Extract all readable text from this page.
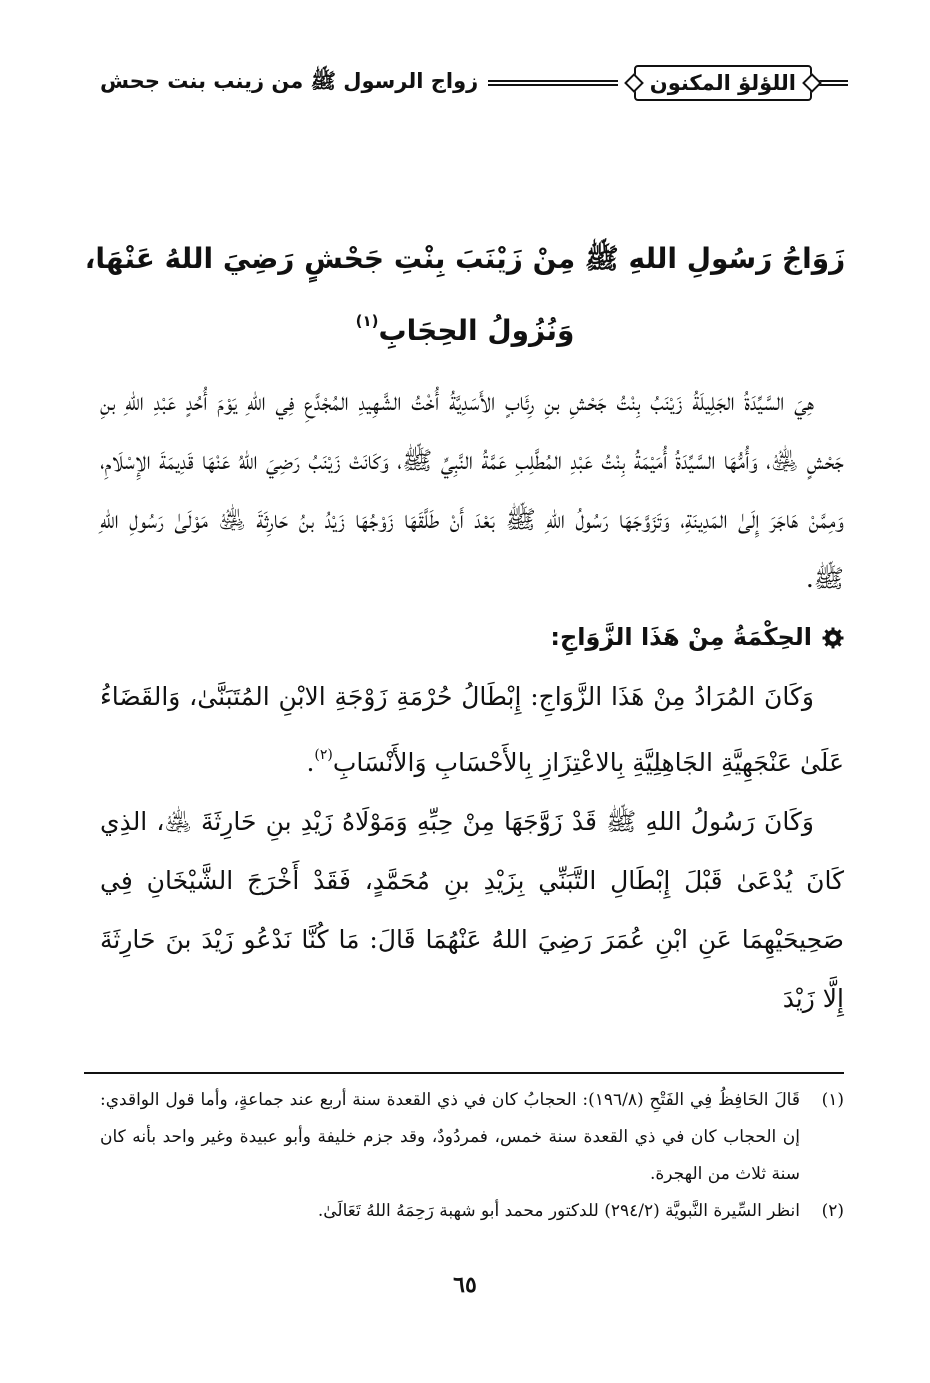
اللؤلؤ المكنون
زواج الرسول ﷺ من زينب بنت جحش
زَوَاجُ رَسُولِ اللهِ ﷺ مِنْ زَيْنَبَ بِنْتِ جَحْشٍ رَضِيَ اللهُ عَنْهَا،
وَنُزُولُ الحِجَابِ$^{(١)}$

هِيَ السَّيِّدَةُ الجَلِيلَةُ زَيْنَبُ بِنْتُ جَحْشِ بنِ رِئَابٍ الأَسَدِيَّةُ أُخْتُ الشَّهِيدِ المُجْدَّعِ فِي اللهِ يَوْمَ أُحُدٍ عَبْدِ اللهِ بنِ جَحْشٍ ﵁، وَأُمُّهَا السَّيِّدَةُ أُمَيْمَةُ بِنْتُ عَبْدِ المُطَّلِبِ عَمَّةُ النَّبِيِّ ﷺ، وَكَانَتْ زَيْنَبُ رَضِيَ اللهُ عَنْهَا قَدِيمَةَ الإِسْلَامِ، وَمِمَّنْ هَاجَرَ إِلَىٰ المَدِينَةِ، وَتَزَوَّجَهَا رَسُولُ اللهِ ﷺ بَعْدَ أَنْ طَلَّقَهَا زَوْجُهَا زَيْدُ بنُ حَارِثَةَ ﵁ مَوْلَىٰ رَسُولِ اللهِ ﷺ.

الحِكْمَةُ مِنْ هَذَا الزَّوَاجِ:

وَكَانَ المُرَادُ مِنْ هَذَا الزَّوَاجِ: إِبْطَالُ حُرْمَةِ زَوْجَةِ الابْنِ المُتَبَنَّىٰ، وَالقَضَاءُ عَلَىٰ عَنْجَهِيَّةِ الجَاهِلِيَّةِ بِالاعْتِزَازِ بِالأَحْسَابِ وَالأَنْسَابِ$^{(٢)}$.

وَكَانَ رَسُولُ اللهِ ﷺ قَدْ زَوَّجَهَا مِنْ حِبِّهِ وَمَوْلَاهُ زَيْدِ بنِ حَارِثَةَ ﵁، الذِي كَانَ يُدْعَىٰ قَبْلَ إِبْطَالِ التَّبَنِّي بِزَيْدِ بنِ مُحَمَّدٍ، فَقَدْ أَخْرَجَ الشَّيْخَانِ فِي صَحِيحَيْهِمَا عَنِ ابْنِ عُمَرَ رَضِيَ اللهُ عَنْهُمَا قَالَ: مَا كُنَّا نَدْعُو زَيْدَ بنَ حَارِثَةَ إِلَّا زَيْدَ

(١)
قَالَ الحَافِظُ فِي الفَتْحِ (١٩٦/٨): الحجابُ كان في ذي القعدة سنة أربع عند جماعةٍ، وأما قول الواقدي: إن الحجاب كان في ذي القعدة سنة خمس، فمردُودٌ، وقد جزم خليفة وأبو عبيدة وغير واحد بأنه كان سنة ثلاث من الهجرة.
(٢)
انظر السِّيرة النَّبويَّة (٢٩٤/٢) للدكتور محمد أبو شهبة رَحِمَهُ اللهُ تَعَالَىٰ.
٦٥
